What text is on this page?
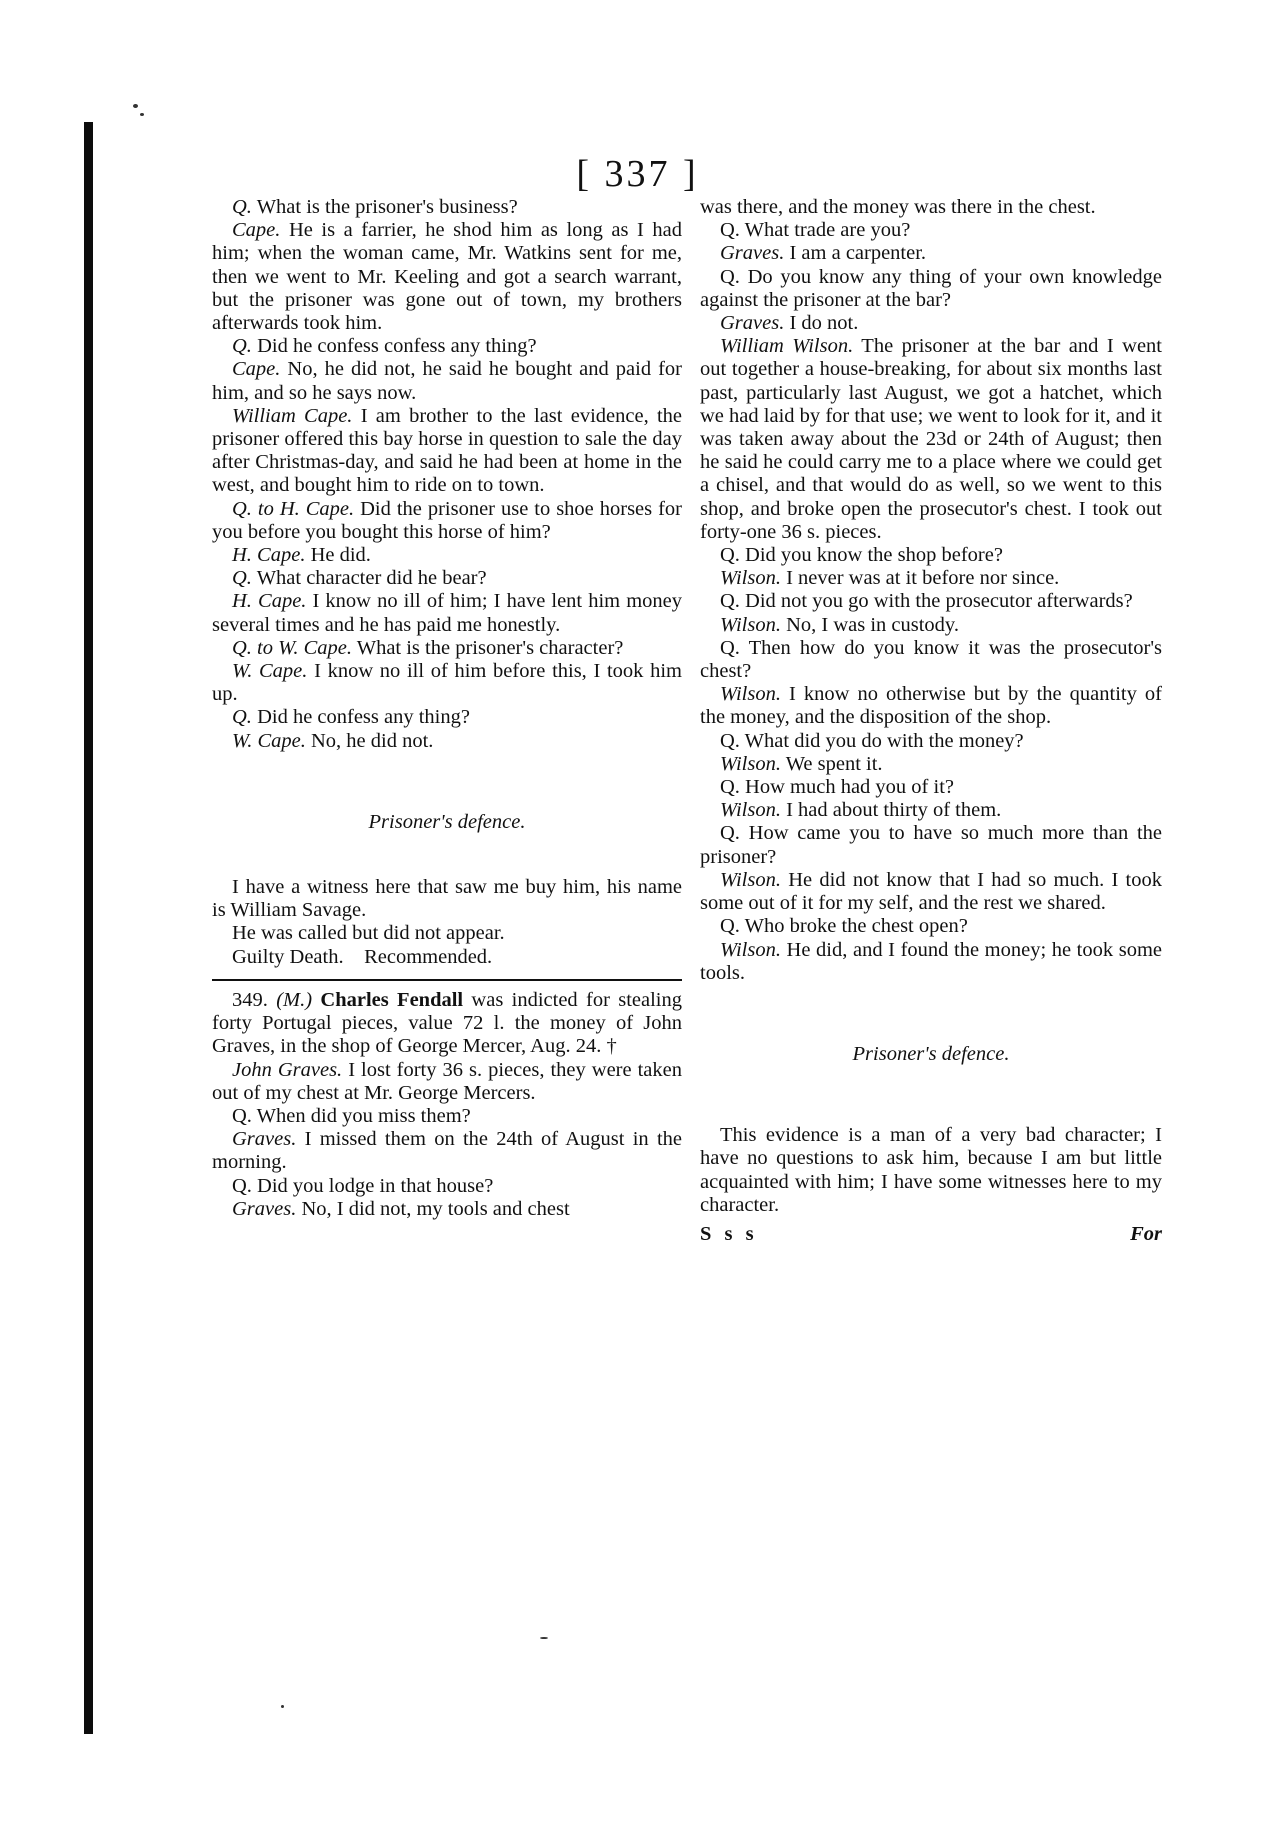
[ 337 ]

Q. What is the prisoner's business?

Cape. He is a farrier, he shod him as long as I had him; when the woman came, Mr. Watkins sent for me, then we went to Mr. Keeling and got a search warrant, but the prisoner was gone out of town, my brothers afterwards took him.

Q. Did he confess confess any thing?

Cape. No, he did not, he said he bought and paid for him, and so he says now.

William Cape. I am brother to the last evidence, the prisoner offered this bay horse in question to sale the day after Christmas-day, and said he had been at home in the west, and bought him to ride on to town.

Q. to H. Cape. Did the prisoner use to shoe horses for you before you bought this horse of him?

H. Cape. He did.

Q. What character did he bear?

H. Cape. I know no ill of him; I have lent him money several times and he has paid me honestly.

Q. to W. Cape. What is the prisoner's character?

W. Cape. I know no ill of him before this, I took him up.

Q. Did he confess any thing?

W. Cape. No, he did not.

Prisoner's defence.

I have a witness here that saw me buy him, his name is William Savage.

He was called but did not appear.

Guilty Death.    Recommended.

349. (M.) Charles Fendall was indicted for stealing forty Portugal pieces, value 72 l. the money of John Graves, in the shop of George Mercer, Aug. 24. †

John Graves. I lost forty 36 s. pieces, they were taken out of my chest at Mr. George Mercers.

Q. When did you miss them?

Graves. I missed them on the 24th of August in the morning.

Q. Did you lodge in that house?

Graves. No, I did not, my tools and chest

was there, and the money was there in the chest.

Q. What trade are you?

Graves. I am a carpenter.

Q. Do you know any thing of your own knowledge against the prisoner at the bar?

Graves. I do not.

William Wilson. The prisoner at the bar and I went out together a house-breaking, for about six months last past, particularly last August, we got a hatchet, which we had laid by for that use; we went to look for it, and it was taken away about the 23d or 24th of August; then he said he could carry me to a place where we could get a chisel, and that would do as well, so we went to this shop, and broke open the prosecutor's chest. I took out forty-one 36 s. pieces.

Q. Did you know the shop before?

Wilson. I never was at it before nor since.

Q. Did not you go with the prosecutor afterwards?

Wilson. No, I was in custody.

Q. Then how do you know it was the prosecutor's chest?

Wilson. I know no otherwise but by the quantity of the money, and the disposition of the shop.

Q. What did you do with the money?

Wilson. We spent it.

Q. How much had you of it?

Wilson. I had about thirty of them.

Q. How came you to have so much more than the prisoner?

Wilson. He did not know that I had so much. I took some out of it for my self, and the rest we shared.

Q. Who broke the chest open?

Wilson. He did, and I found the money; he took some tools.

Prisoner's defence.

This evidence is a man of a very bad character; I have no questions to ask him, because I am but little acquainted with him; I have some witnesses here to my character.

S s s	For
